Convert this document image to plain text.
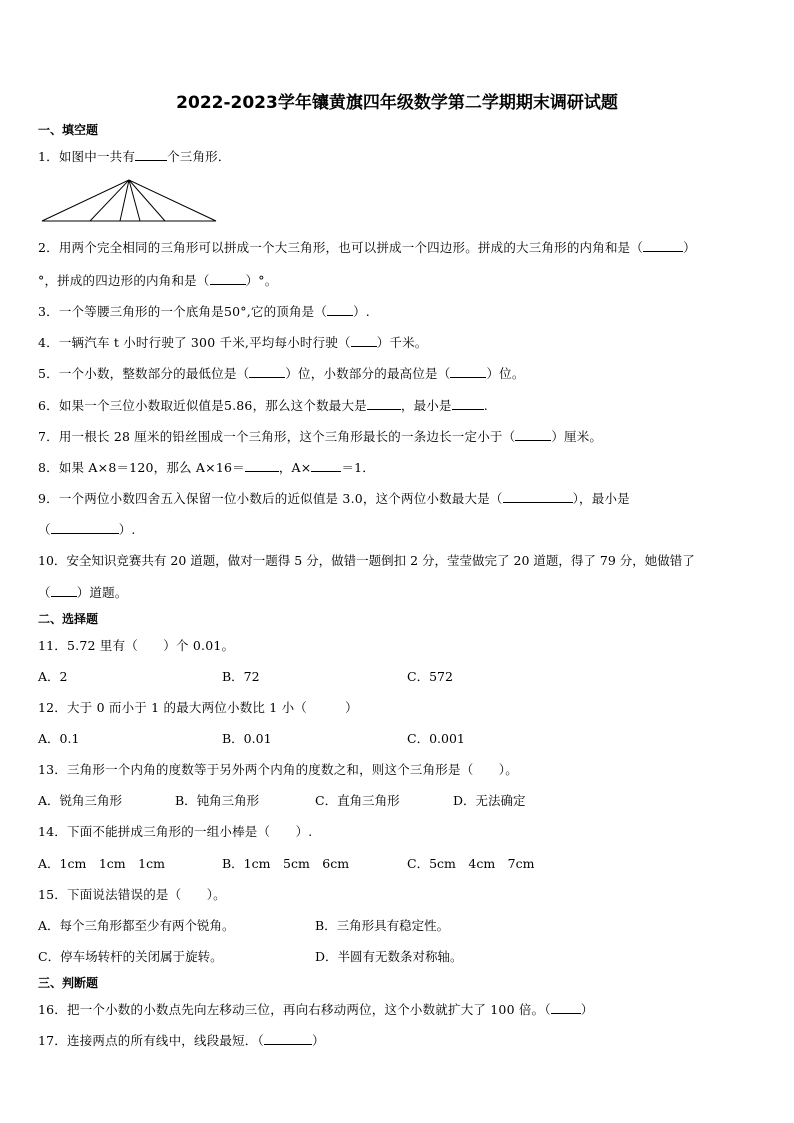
2022-2023学年镶黄旗四年级数学第二学期期末调研试题
一、填空题
1．如图中一共有	个三角形．
2．用两个完全相同的三角形可以拼成一个大三角形，也可以拼成一个四边形。拼成的大三角形的内角和是（	）
°，拼成的四边形的内角和是（	）°。
3．一个等腰三角形的一个底角是50°,它的顶角是（ ）.
4．一辆汽车 t 小时行驶了 300 千米,平均每小时行驶（ ）千米。
5．一个小数，整数部分的最低位是（	）位，小数部分的最高位是（	）位。
6．如果一个三位小数取近似值是5.86，那么这个数最大是	，最小是	.
7．用一根长 28 厘米的铅丝围成一个三角形，这个三角形最长的一条边长一定小于（	）厘米。
8．如果 A×8＝120，那么 A×16＝	，A× ＝1．
9．一个两位小数四舍五入保留一位小数后的近似值是 3.0，这个两位小数最大是（	），最小是
（	）.
10．安全知识竞赛共有 20 道题，做对一题得 5 分，做错一题倒扣 2 分，莹莹做完了 20 道题，得了 79 分，她做错了
（ ）道题。
二、选择题
11．5.72 里有（　　）个 0.01。
A．2	B．72	C．572
12．大于 0 而小于 1 的最大两位小数比 1 小（　　　）
A．0.1	B．0.01	C．0.001
13．三角形一个内角的度数等于另外两个内角的度数之和，则这个三角形是（　　）。
A．锐角三角形	B．钝角三角形	C．直角三角形	D．无法确定
14．下面不能拼成三角形的一组小棒是（　　）.
A．1cm　1cm　1cm	B．1cm　5cm　6cm	C．5cm　4cm　7cm
15．下面说法错误的是（　　）。
A．每个三角形都至少有两个锐角。	B．三角形具有稳定性。
C．停车场转杆的关闭属于旋转。	D．半圆有无数条对称轴。
三、判断题
16．把一个小数的小数点先向左移动三位，再向右移动两位，这个小数就扩大了 100 倍。（ ）
17．连接两点的所有线中，线段最短．（	）
